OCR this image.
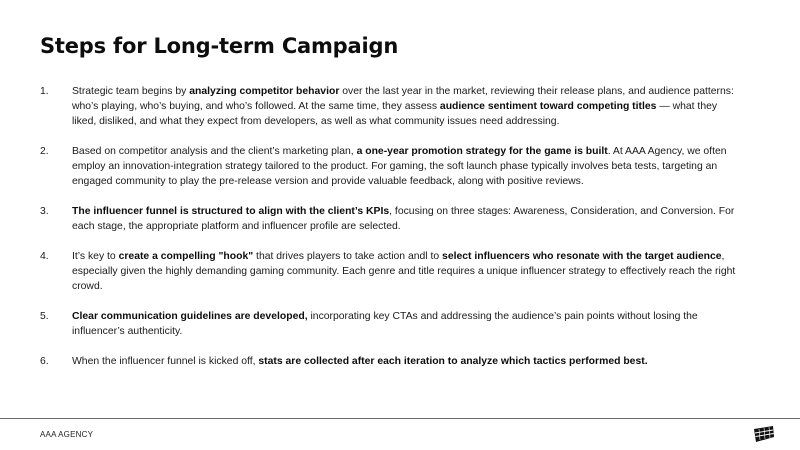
Steps for Long-term Campaign
1. Strategic team begins by analyzing competitor behavior over the last year in the market, reviewing their release plans, and audience patterns: who’s playing, who’s buying, and who’s followed. At the same time, they assess audience sentiment toward competing titles — what they liked, disliked, and what they expect from developers, as well as what community issues need addressing.
2. Based on competitor analysis and the client’s marketing plan, a one-year promotion strategy for the game is built. At AAA Agency, we often employ an innovation-integration strategy tailored to the product. For gaming, the soft launch phase typically involves beta tests, targeting an engaged community to play the pre-release version and provide valuable feedback, along with positive reviews.
3. The influencer funnel is structured to align with the client’s KPIs, focusing on three stages: Awareness, Consideration, and Conversion. For each stage, the appropriate platform and influencer profile are selected.
4. It’s key to create a compelling "hook" that drives players to take action andl to select influencers who resonate with the target audience, especially given the highly demanding gaming community. Each genre and title requires a unique influencer strategy to effectively reach the right crowd.
5. Clear communication guidelines are developed, incorporating key CTAs and addressing the audience’s pain points without losing the influencer’s authenticity.
6. When the influencer funnel is kicked off, stats are collected after each iteration to analyze which tactics performed best.
AAA AGENCY
